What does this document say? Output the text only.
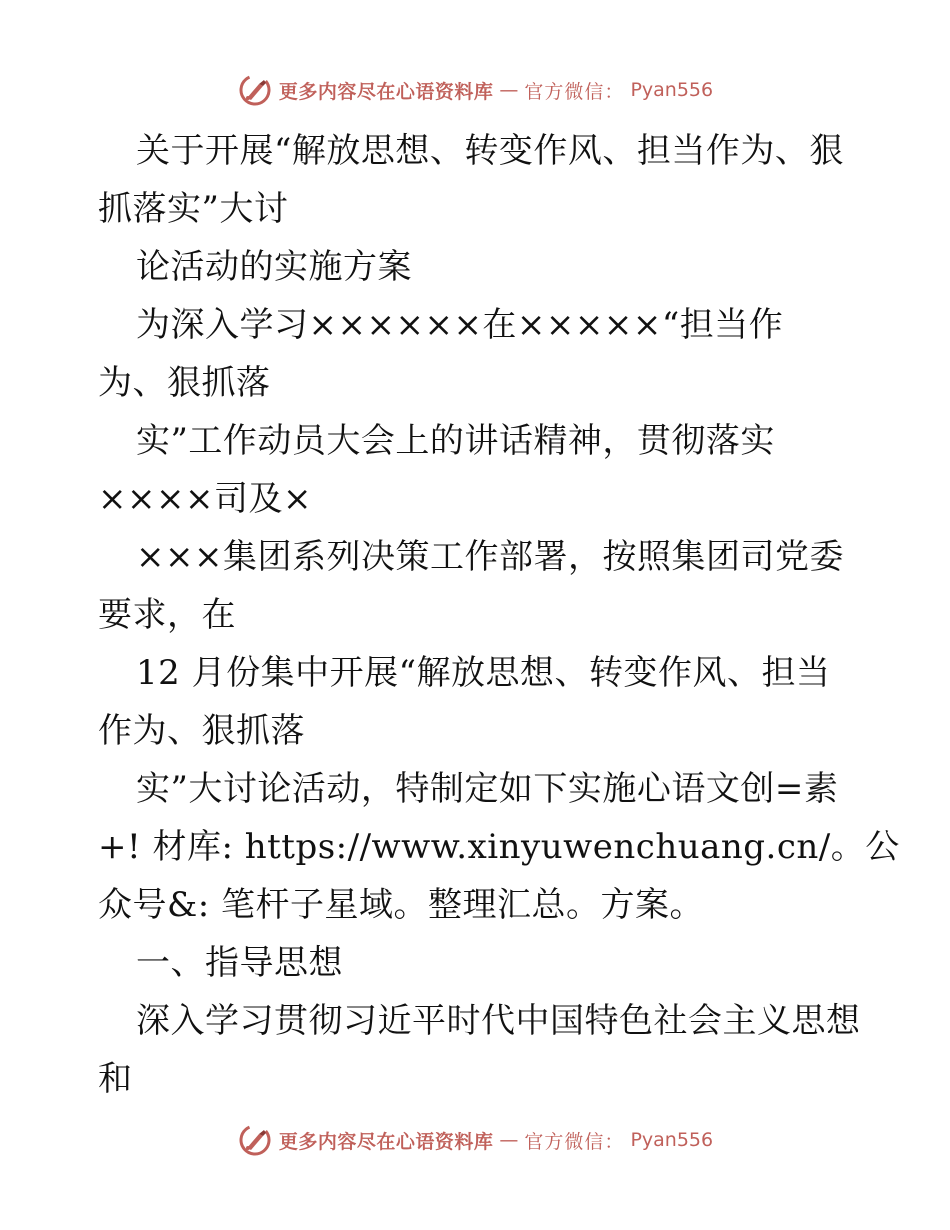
更多内容尽在心语资料库 — 官方微信： Pyan556
关于开展“解放思想、转变作风、担当作为、狠
抓落实”大讨
论活动的实施方案
为深入学习××××××在×××××“担当作
为、狠抓落
实”工作动员大会上的讲话精神，贯彻落实
××××司及×
×××集团系列决策工作部署，按照集团司党委
要求，在
12 月份集中开展“解放思想、转变作风、担当
作为、狠抓落
实”大讨论活动，特制定如下实施心语文创=素
+! 材库: https://www.xinyuwenchuang.cn/。公
众号&: 笔杆子星域。整理汇总。方案。
一、指导思想
深入学习贯彻习近平时代中国特色社会主义思想
和
更多内容尽在心语资料库 — 官方微信： Pyan556
